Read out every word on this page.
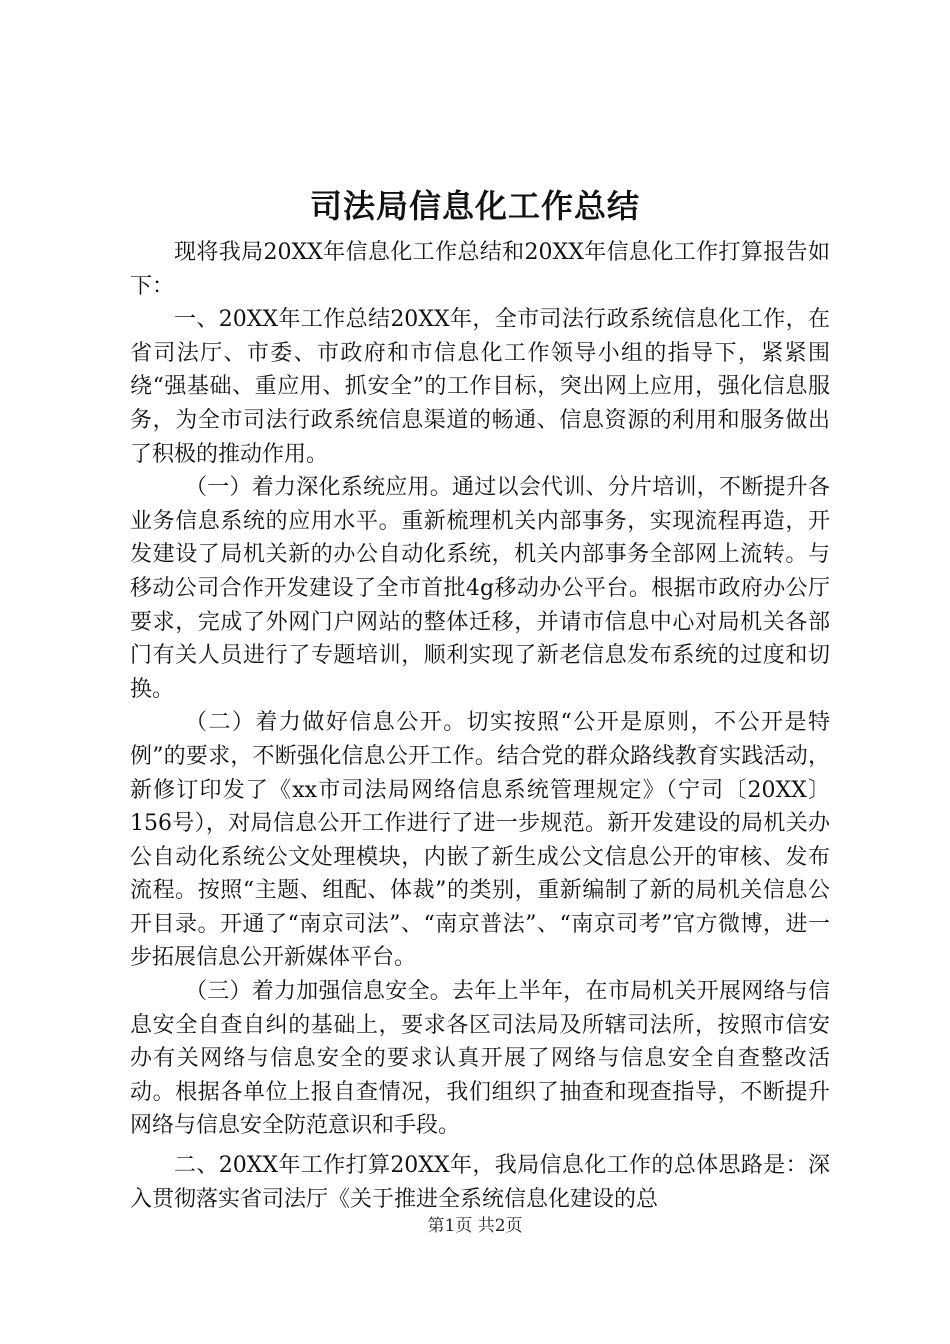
司法局信息化工作总结

现将我局20XX年信息化工作总结和20XX年信息化工作打算报告如下：

一、20XX年工作总结20XX年，全市司法行政系统信息化工作，在省司法厅、市委、市政府和市信息化工作领导小组的指导下，紧紧围绕“强基础、重应用、抓安全”的工作目标，突出网上应用，强化信息服务，为全市司法行政系统信息渠道的畅通、信息资源的利用和服务做出了积极的推动作用。

（一）着力深化系统应用。通过以会代训、分片培训，不断提升各业务信息系统的应用水平。重新梳理机关内部事务，实现流程再造，开发建设了局机关新的办公自动化系统，机关内部事务全部网上流转。与移动公司合作开发建设了全市首批4g移动办公平台。根据市政府办公厅要求，完成了外网门户网站的整体迁移，并请市信息中心对局机关各部门有关人员进行了专题培训，顺利实现了新老信息发布系统的过度和切换。

（二）着力做好信息公开。切实按照“公开是原则，不公开是特例”的要求，不断强化信息公开工作。结合党的群众路线教育实践活动，新修订印发了《xx市司法局网络信息系统管理规定》（宁司〔20XX〕156号），对局信息公开工作进行了进一步规范。新开发建设的局机关办公自动化系统公文处理模块，内嵌了新生成公文信息公开的审核、发布流程。按照“主题、组配、体裁”的类别，重新编制了新的局机关信息公开目录。开通了“南京司法”、“南京普法”、“南京司考”官方微博，进一步拓展信息公开新媒体平台。

（三）着力加强信息安全。去年上半年，在市局机关开展网络与信息安全自查自纠的基础上，要求各区司法局及所辖司法所，按照市信安办有关网络与信息安全的要求认真开展了网络与信息安全自查整改活动。根据各单位上报自查情况，我们组织了抽查和现查指导，不断提升网络与信息安全防范意识和手段。

二、20XX年工作打算20XX年，我局信息化工作的总体思路是：深入贯彻落实省司法厅《关于推进全系统信息化建设的总

第1页 共2页
